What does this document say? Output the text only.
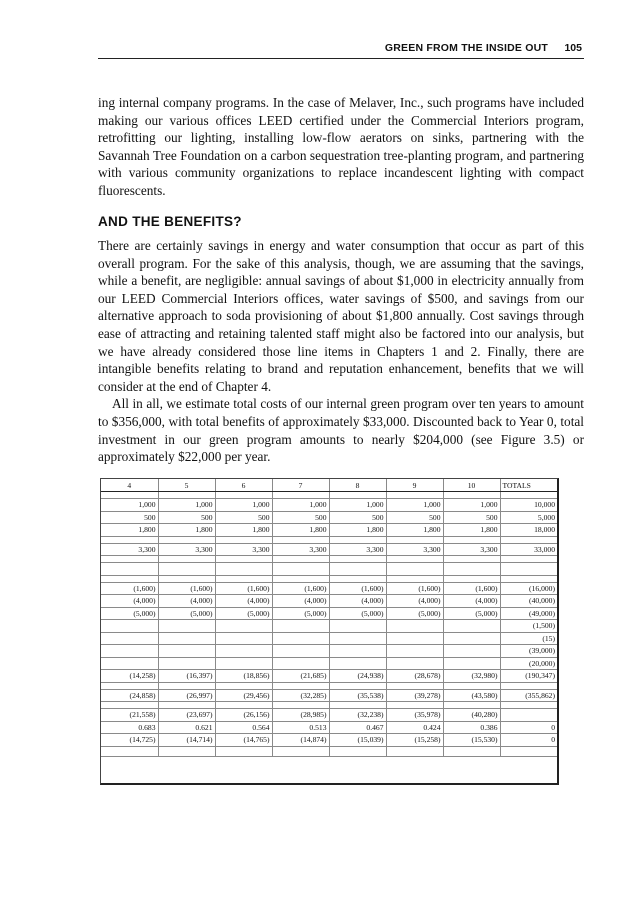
GREEN FROM THE INSIDE OUT 105

ing internal company programs. In the case of Melaver, Inc., such programs have included making our various offices LEED certified under the Commercial Interiors program, retrofitting our lighting, installing low-flow aerators on sinks, partnering with the Savannah Tree Foundation on a carbon sequestration tree-planting program, and partnering with various community organizations to replace incandescent lighting with compact fluorescents.

AND THE BENEFITS?

There are certainly savings in energy and water consumption that occur as part of this overall program. For the sake of this analysis, though, we are assuming that the savings, while a benefit, are negligible: annual savings of about $1,000 in electricity annually from our LEED Commercial Interiors offices, water savings of $500, and savings from our alternative approach to soda provisioning of about $1,800 annually. Cost savings through ease of attracting and retaining talented staff might also be factored into our analysis, but we have already considered those line items in Chapters 1 and 2. Finally, there are intangible benefits relating to brand and reputation enhancement, benefits that we will consider at the end of Chapter 4.

All in all, we estimate total costs of our internal green program over ten years to amount to $356,000, with total benefits of approximately $33,000. Discounted back to Year 0, total investment in our green program amounts to nearly $204,000 (see Figure 3.5) or approximately $22,000 per year.

4	5	6	7	8	9	10	TOTALS

1,000	1,000	1,000	1,000	1,000	1,000	1,000	10,000
500	500	500	500	500	500	500	5,000
1,800	1,800	1,800	1,800	1,800	1,800	1,800	18,000

3,300	3,300	3,300	3,300	3,300	3,300	3,300	33,000

(1,600)	(1,600)	(1,600)	(1,600)	(1,600)	(1,600)	(1,600)	(16,000)
(4,000)	(4,000)	(4,000)	(4,000)	(4,000)	(4,000)	(4,000)	(40,000)
(5,000)	(5,000)	(5,000)	(5,000)	(5,000)	(5,000)	(5,000)	(49,000)
							(1,500)
							(15)
							(39,000)
							(20,000)
(14,258)	(16,397)	(18,856)	(21,685)	(24,938)	(28,678)	(32,980)	(190,347)

(24,858)	(26,997)	(29,456)	(32,285)	(35,538)	(39,278)	(43,580)	(355,862)

(21,558)	(23,697)	(26,156)	(28,985)	(32,238)	(35,978)	(40,280)	
0.683	0.621	0.564	0.513	0.467	0.424	0.386	0
(14,725)	(14,714)	(14,765)	(14,874)	(15,039)	(15,258)	(15,530)	0
